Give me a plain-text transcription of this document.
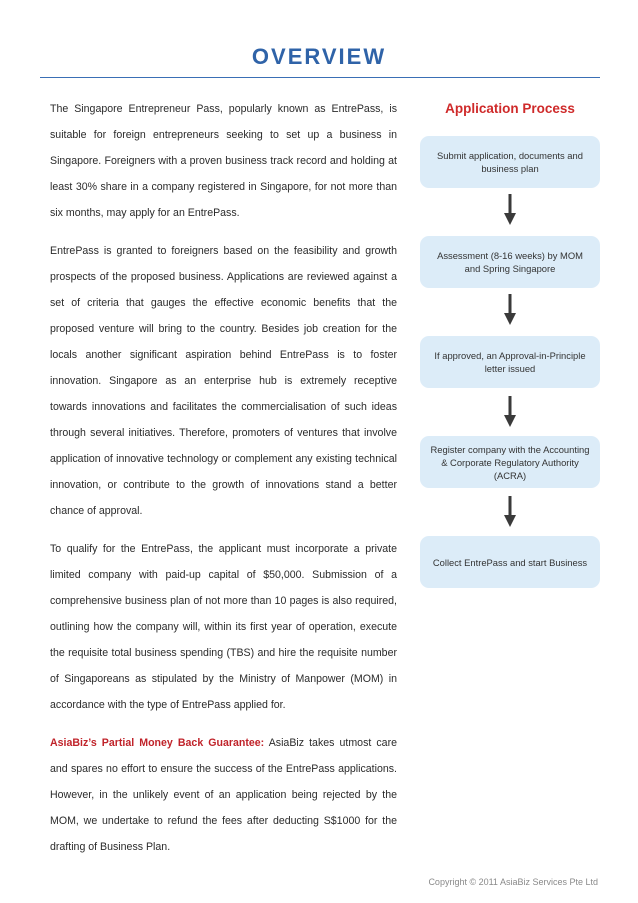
OVERVIEW

The Singapore Entrepreneur Pass, popularly known as EntrePass, is suitable for foreign entrepreneurs seeking to set up a business in Singapore. Foreigners with a proven business track record and holding at least 30% share in a company registered in Singapore, for not more than six months, may apply for an EntrePass.

EntrePass is granted to foreigners based on the feasibility and growth prospects of the proposed business. Applications are reviewed against a set of criteria that gauges the effective economic benefits that the proposed venture will bring to the country. Besides job creation for the locals another significant aspiration behind EntrePass is to foster innovation. Singapore as an enterprise hub is extremely receptive towards innovations and facilitates the commercialisation of such ideas through several initiatives. Therefore, promoters of ventures that involve application of innovative technology or complement any existing technical innovation, or contribute to the growth of innovations stand a better chance of approval.

To qualify for the EntrePass, the applicant must incorporate a private limited company with paid-up capital of $50,000. Submission of a comprehensive business plan of not more than 10 pages is also required, outlining how the company will, within its first year of operation, execute the requisite total business spending (TBS) and hire the requisite number of Singaporeans as stipulated by the Ministry of Manpower (MOM) in accordance with the type of EntrePass applied for.

AsiaBiz’s Partial Money Back Guarantee: AsiaBiz takes utmost care and spares no effort to ensure the success of the EntrePass applications. However, in the unlikely event of an application being rejected by the MOM, we undertake to refund the fees after deducting S$1000 for the drafting of Business Plan.

Application Process
Submit application, documents and business plan
Assessment (8-16 weeks) by MOM and Spring Singapore
If approved, an Approval-in-Principle letter issued
Register company with the Accounting & Corporate Regulatory Authority (ACRA)
Collect EntrePass and start Business
Copyright © 2011 AsiaBiz Services Pte Ltd
